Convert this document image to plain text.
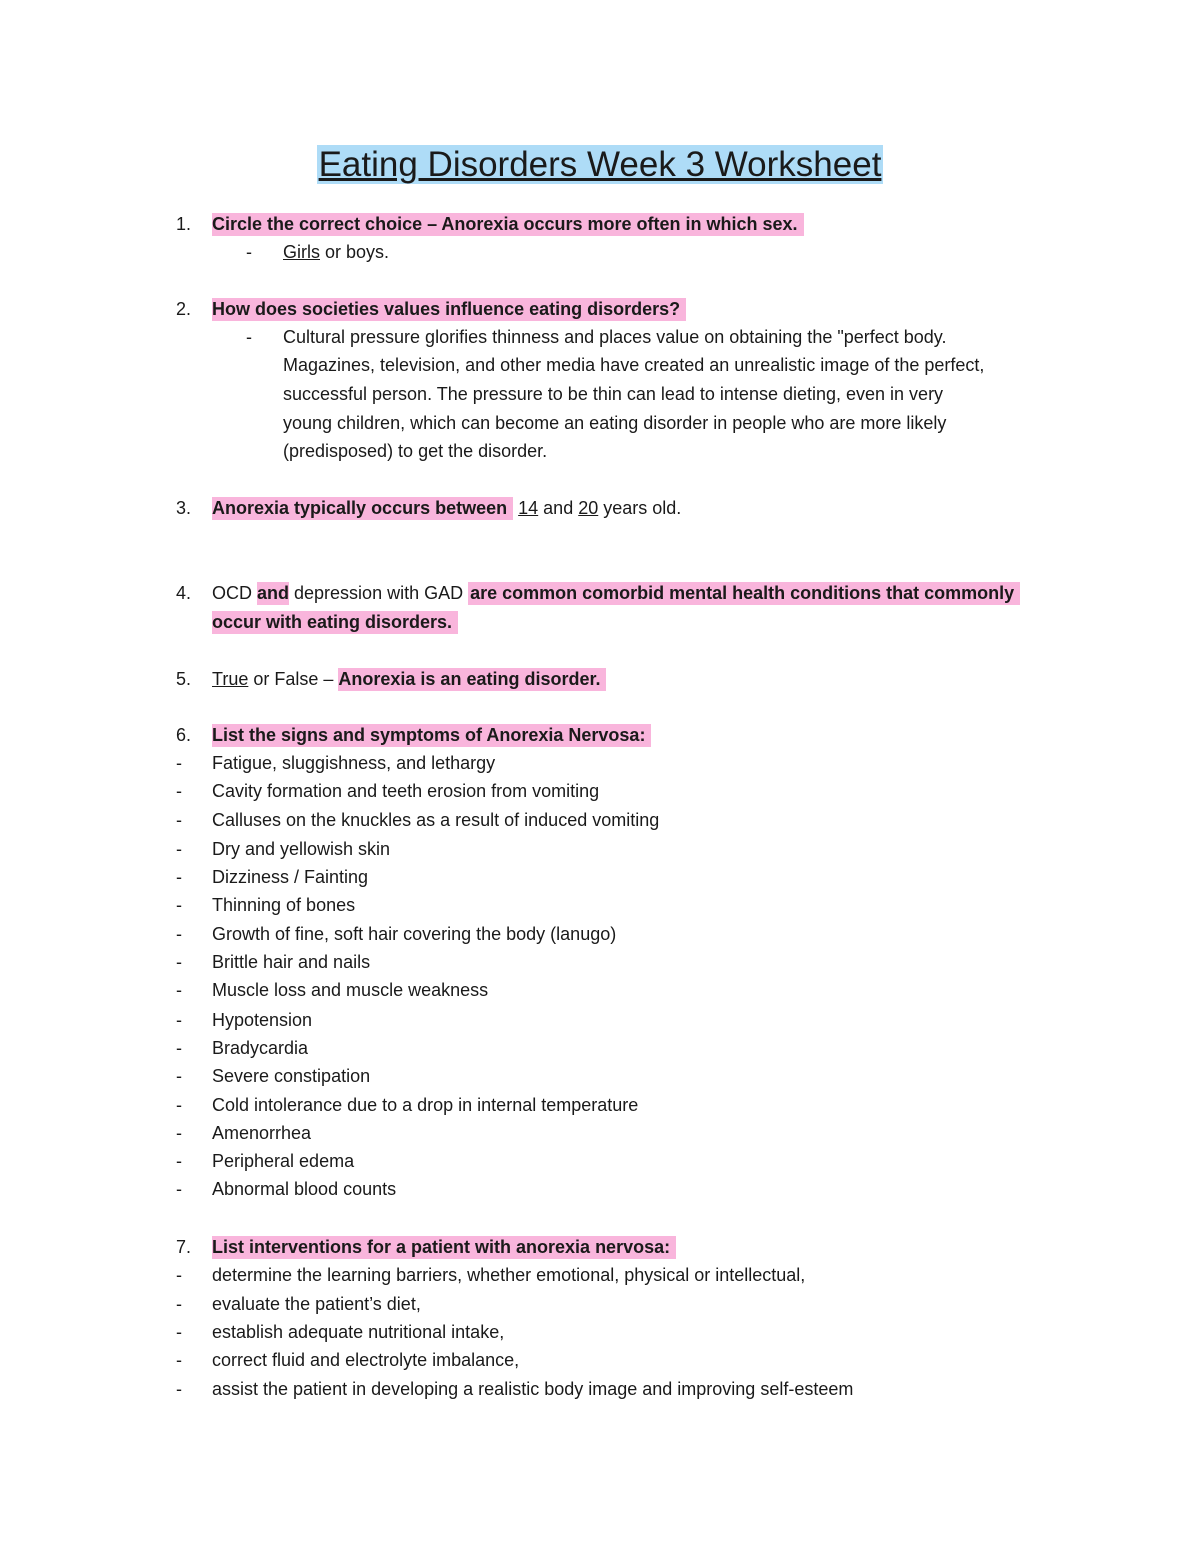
Eating Disorders Week 3 Worksheet
1. Circle the correct choice – Anorexia occurs more often in which sex.
- Girls or boys.
2. How does societies values influence eating disorders?
- Cultural pressure glorifies thinness and places value on obtaining the "perfect body.
Magazines, television, and other media have created an unrealistic image of the perfect,
successful person. The pressure to be thin can lead to intense dieting, even in very
young children, which can become an eating disorder in people who are more likely
(predisposed) to get the disorder.
3. Anorexia typically occurs between 14 and 20 years old.
4. OCD and depression with GAD are common comorbid mental health conditions that commonly
occur with eating disorders.
5. True or False – Anorexia is an eating disorder.
6. List the signs and symptoms of Anorexia Nervosa:
- Fatigue, sluggishness, and lethargy
- Cavity formation and teeth erosion from vomiting
- Calluses on the knuckles as a result of induced vomiting
- Dry and yellowish skin
- Dizziness / Fainting
- Thinning of bones
- Growth of fine, soft hair covering the body (lanugo)
- Brittle hair and nails
- Muscle loss and muscle weakness
- Hypotension
- Bradycardia
- Severe constipation
- Cold intolerance due to a drop in internal temperature
- Amenorrhea
- Peripheral edema
- Abnormal blood counts
7. List interventions for a patient with anorexia nervosa:
- determine the learning barriers, whether emotional, physical or intellectual,
- evaluate the patient’s diet,
- establish adequate nutritional intake,
- correct fluid and electrolyte imbalance,
- assist the patient in developing a realistic body image and improving self-esteem
